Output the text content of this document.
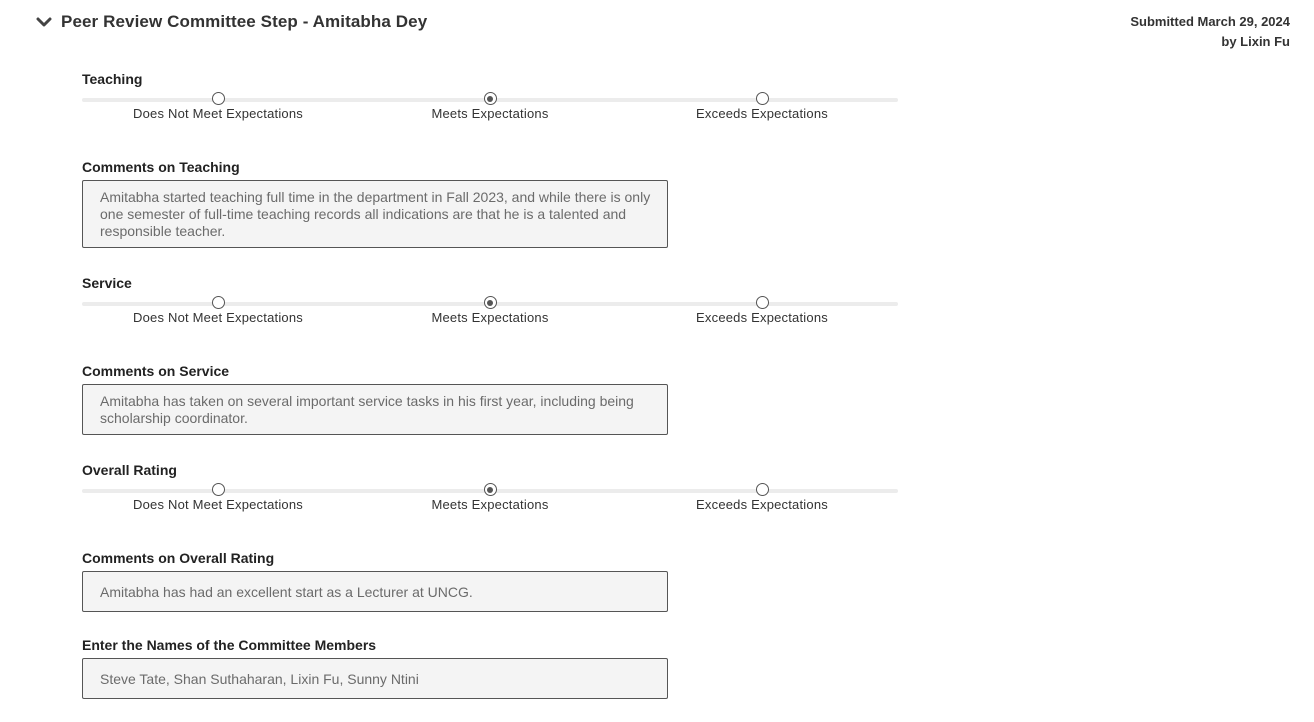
Peer Review Committee Step - Amitabha Dey	Submitted March 29, 2024
by Lixin Fu
Teaching
Does Not Meet Expectations	Meets Expectations	Exceeds Expectations
Comments on Teaching
Amitabha started teaching full time in the department in Fall 2023, and while there is only one semester of full-time teaching records all indications are that he is a talented and responsible teacher.
Service
Does Not Meet Expectations	Meets Expectations	Exceeds Expectations
Comments on Service
Amitabha has taken on several important service tasks in his first year, including being scholarship coordinator.
Overall Rating
Does Not Meet Expectations	Meets Expectations	Exceeds Expectations
Comments on Overall Rating
Amitabha has had an excellent start as a Lecturer at UNCG.
Enter the Names of the Committee Members
Steve Tate, Shan Suthaharan, Lixin Fu, Sunny Ntini
